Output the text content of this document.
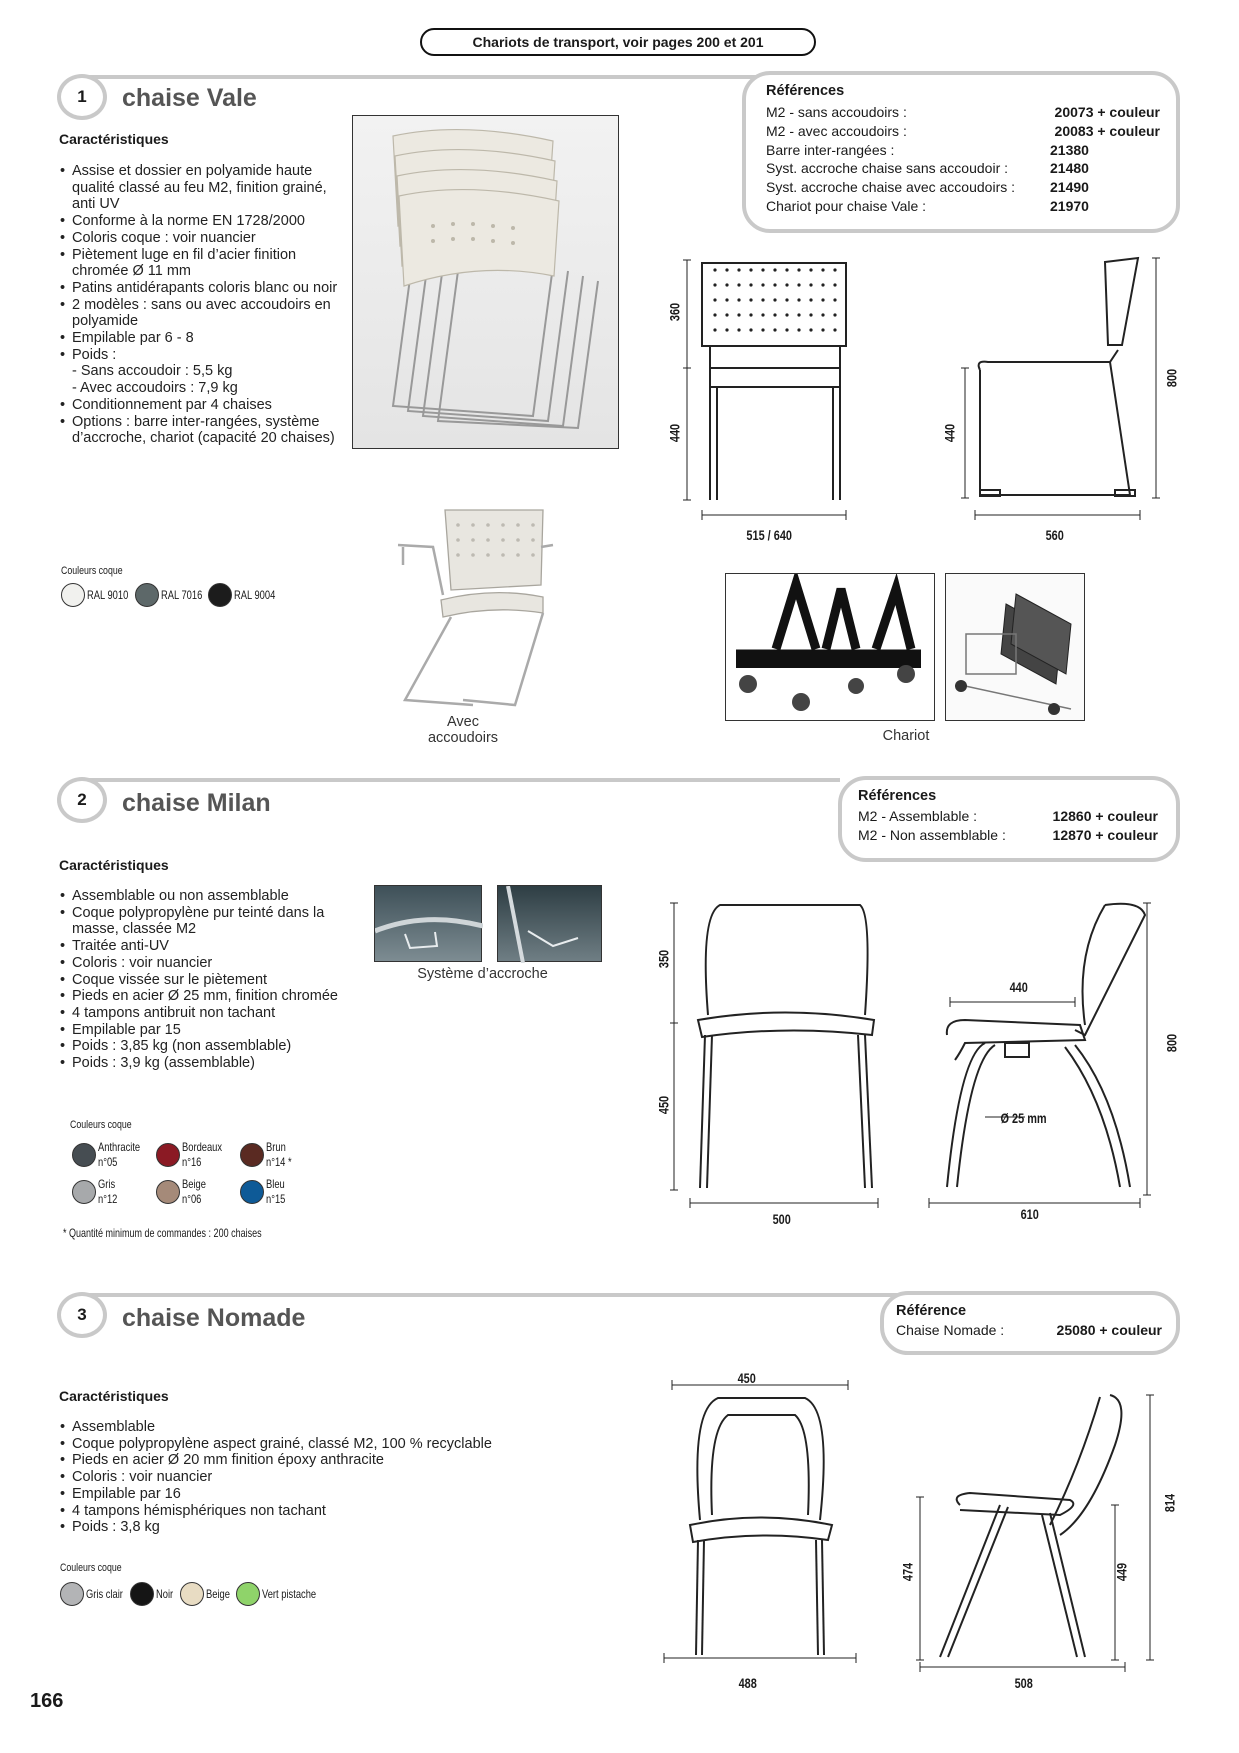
Chariots de transport, voir pages 200 et 201
1	chaise Vale
Caractéristiques
• Assise et dossier en polyamide haute qualité classé au feu M2, finition grainé, anti UV
• Conforme à la norme EN 1728/2000
• Coloris coque : voir nuancier
• Piètement luge en fil d’acier finition chromée Ø 11 mm
• Patins antidérapants coloris blanc ou noir
• 2 modèles : sans ou avec accoudoirs en polyamide
• Empilable par 6 - 8
• Poids :
- Sans accoudoir : 5,5 kg
- Avec accoudoirs : 7,9 kg
• Conditionnement par 4 chaises
• Options : barre inter-rangées, système d’accroche, chariot (capacité 20 chaises)
Références
M2 - sans accoudoirs :	20073 + couleur
M2 - avec accoudoirs :	20083 + couleur
Barre inter-rangées :	21380
Syst. accroche chaise sans accoudoir :	21480
Syst. accroche chaise avec accoudoirs : 21490
Chariot pour chaise Vale :	21970
360
440
515 / 640
440
800
560
Couleurs coque
RAL 9010	RAL 7016	RAL 9004
Avec accoudoirs	Chariot
2	chaise Milan
Caractéristiques
• Assemblable ou non assemblable
• Coque polypropylène pur teinté dans la masse, classée M2
• Traitée anti-UV
• Coloris : voir nuancier
• Coque vissée sur le piètement
• Pieds en acier Ø 25 mm, finition chromée
• 4 tampons antibruit non tachant
• Empilable par 15
• Poids : 3,85 kg (non assemblable)
• Poids : 3,9 kg (assemblable)
Références
M2 - Assemblable :	12860 + couleur
M2 - Non assemblable :	12870 + couleur
Système d’accroche
350
450
500
440
Ø 25 mm
800
610
Couleurs coque
Anthracite
n°05
Bordeaux
n°16
Brun
n°14 *
Gris
n°12
Beige
n°06
Bleu
n°15
* Quantité minimum de commandes : 200 chaises
3	chaise Nomade
Caractéristiques
• Assemblable
• Coque polypropylène aspect grainé, classé M2, 100 % recyclable
• Pieds en acier Ø 20 mm finition époxy anthracite
• Coloris : voir nuancier
• Empilable par 16
• 4 tampons hémisphériques non tachant
• Poids : 3,8 kg
Référence
Chaise Nomade :	25080 + couleur
Couleurs coque
Gris clair	Noir	Beige	Vert pistache
450
488
474	449
814
508
166
